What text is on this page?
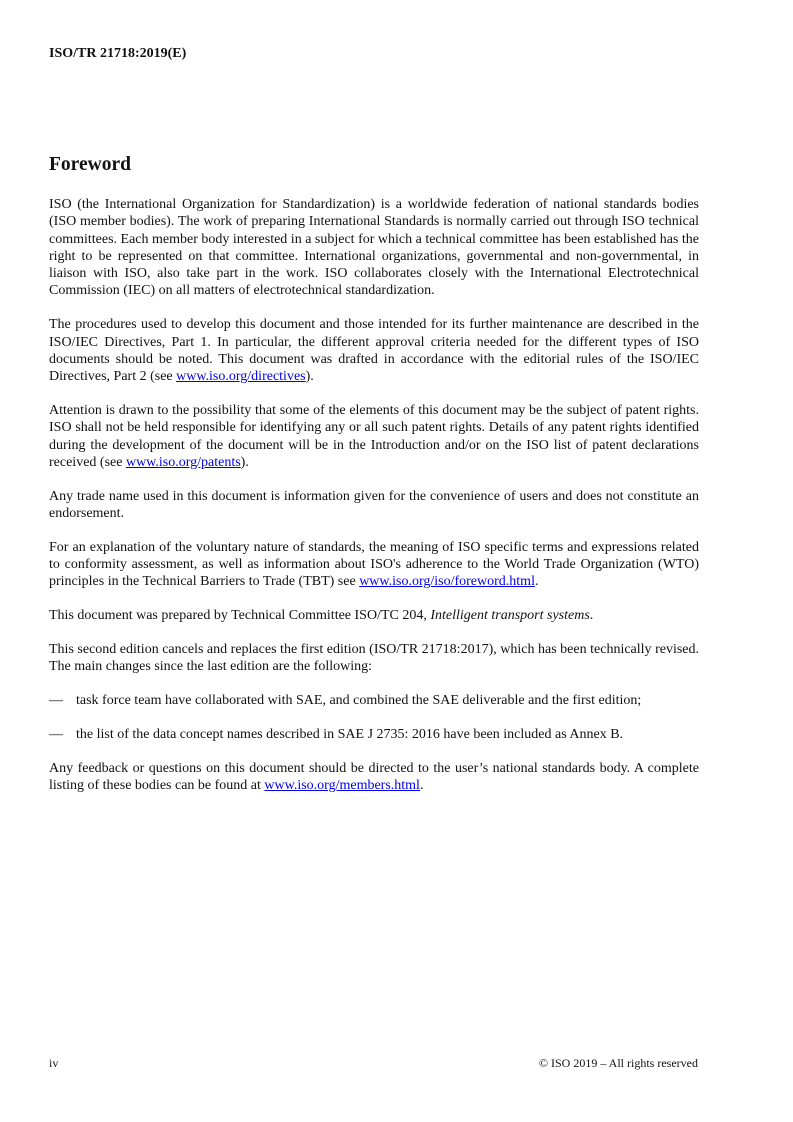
ISO/TR 21718:2019(E)
Foreword

ISO (the International Organization for Standardization) is a worldwide federation of national standards bodies (ISO member bodies). The work of preparing International Standards is normally carried out through ISO technical committees. Each member body interested in a subject for which a technical committee has been established has the right to be represented on that committee. International organizations, governmental and non-governmental, in liaison with ISO, also take part in the work. ISO collaborates closely with the International Electrotechnical Commission (IEC) on all matters of electrotechnical standardization.

The procedures used to develop this document and those intended for its further maintenance are described in the ISO/IEC Directives, Part 1. In particular, the different approval criteria needed for the different types of ISO documents should be noted. This document was drafted in accordance with the editorial rules of the ISO/IEC Directives, Part 2 (see www.iso.org/directives).

Attention is drawn to the possibility that some of the elements of this document may be the subject of patent rights. ISO shall not be held responsible for identifying any or all such patent rights. Details of any patent rights identified during the development of the document will be in the Introduction and/or on the ISO list of patent declarations received (see www.iso.org/patents).

Any trade name used in this document is information given for the convenience of users and does not constitute an endorsement.

For an explanation of the voluntary nature of standards, the meaning of ISO specific terms and expressions related to conformity assessment, as well as information about ISO's adherence to the World Trade Organization (WTO) principles in the Technical Barriers to Trade (TBT) see www.iso.org/iso/foreword.html.

This document was prepared by Technical Committee ISO/TC 204, Intelligent transport systems.

This second edition cancels and replaces the first edition (ISO/TR 21718:2017), which has been technically revised. The main changes since the last edition are the following:

— task force team have collaborated with SAE, and combined the SAE deliverable and the first edition;
— the list of the data concept names described in SAE J 2735: 2016 have been included as Annex B.

Any feedback or questions on this document should be directed to the user’s national standards body. A complete listing of these bodies can be found at www.iso.org/members.html.

iv	© ISO 2019 – All rights reserved
